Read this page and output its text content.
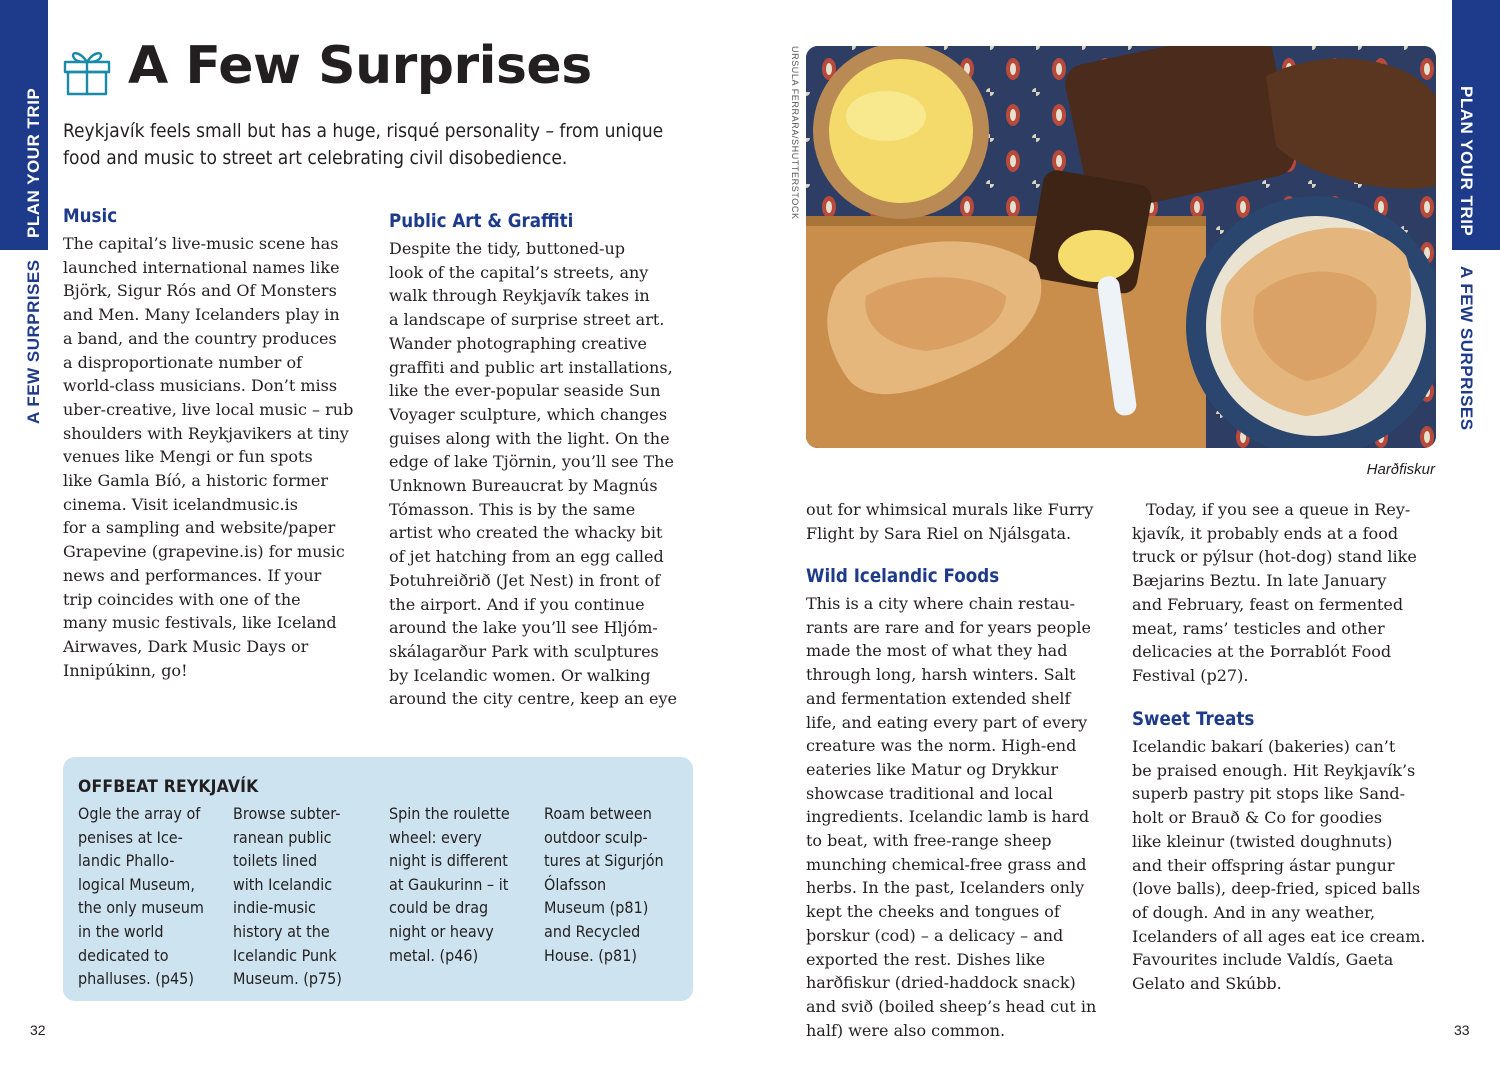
PLAN YOUR TRIP
A FEW SURPRISES
PLAN YOUR TRIP
A FEW SURPRISES
A Few Surprises

Reykjavík feels small but has a huge, risqué personality – from unique food and music to street art celebrating civil disobedience.

Music
The capital’s live-music scene has
launched international names like
Björk, Sigur Rós and Of Monsters
and Men. Many Icelanders play in
a band, and the country produces
a disproportionate number of
world-class musicians. Don’t miss
uber-creative, live local music – rub
shoulders with Reykjavikers at tiny
venues like Mengi or fun spots
like Gamla Bíó, a historic former
cinema. Visit icelandmusic.is
for a sampling and website/paper
Grapevine (grapevine.is) for music
news and performances. If your
trip coincides with one of the
many music festivals, like Iceland
Airwaves, Dark Music Days or
Innipúkinn, go!
Public Art & Graffiti
Despite the tidy, buttoned-up
look of the capital’s streets, any
walk through Reykjavík takes in
a landscape of surprise street art.
Wander photographing creative
graffiti and public art installations,
like the ever-popular seaside Sun
Voyager sculpture, which changes
guises along with the light. On the
edge of lake Tjörnin, you’ll see The
Unknown Bureaucrat by Magnús
Tómasson. This is by the same
artist who created the whacky bit
of jet hatching from an egg called
Þotuhreiðrið (Jet Nest) in front of
the airport. And if you continue
around the lake you’ll see Hljóm-
skálagarður Park with sculptures
by Icelandic women. Or walking
around the city centre, keep an eye
OFFBEAT REYKJAVÍK
Ogle the array of
penises at Ice-
landic Phallo-
logical Museum,
the only museum
in the world
dedicated to
phalluses. (p45)
Browse subter-
ranean public
toilets lined
with Icelandic
indie-music
history at the
Icelandic Punk
Museum. (p75)
Spin the roulette
wheel: every
night is different
at Gaukurinn – it
could be drag
night or heavy
metal. (p46)
Roam between
outdoor sculp-
tures at Sigurjón
Ólafsson
Museum (p81)
and Recycled
House. (p81)
URSULA FERRARA/SHUTTERSTOCK
Harðfiskur
out for whimsical murals like Furry
Flight by Sara Riel on Njálsgata.
Wild Icelandic Foods
This is a city where chain restau-
rants are rare and for years people
made the most of what they had
through long, harsh winters. Salt
and fermentation extended shelf
life, and eating every part of every
creature was the norm. High-end
eateries like Matur og Drykkur
showcase traditional and local
ingredients. Icelandic lamb is hard
to beat, with free-range sheep
munching chemical-free grass and
herbs. In the past, Icelanders only
kept the cheeks and tongues of
þorskur (cod) – a delicacy – and
exported the rest. Dishes like
harðfiskur (dried-haddock snack)
and svið (boiled sheep’s head cut in
half) were also common.
Today, if you see a queue in Rey-
kjavík, it probably ends at a food
truck or pýlsur (hot-dog) stand like
Bæjarins Beztu. In late January
and February, feast on fermented
meat, rams’ testicles and other
delicacies at the Þorrablót Food
Festival (p27).
Sweet Treats
Icelandic bakarí (bakeries) can’t
be praised enough. Hit Reykjavík’s
superb pastry pit stops like Sand-
holt or Brauð & Co for goodies
like kleinur (twisted doughnuts)
and their offspring ástar pungur
(love balls), deep-fried, spiced balls
of dough. And in any weather,
Icelanders of all ages eat ice cream.
Favourites include Valdís, Gaeta
Gelato and Skúbb.
32	33
